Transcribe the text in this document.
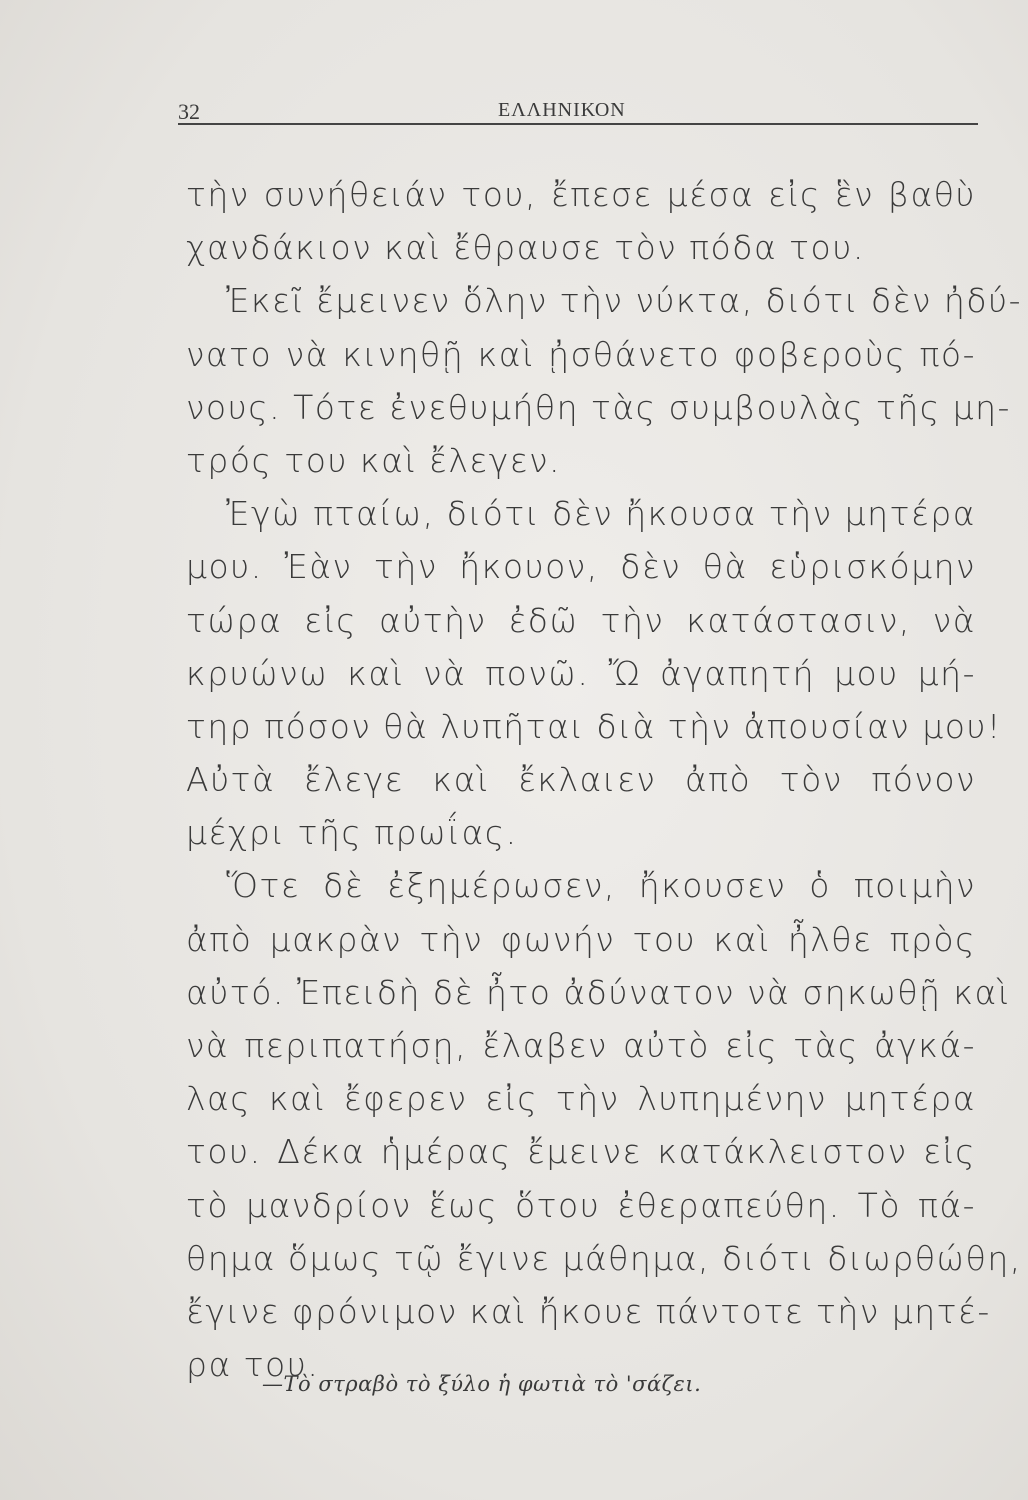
32	ΕΛΛΗΝΙΚΟΝ
τὴν συνήθειάν του, ἔπεσε μέσα εἰς ἓν βαθὺ
χανδάκιον καὶ ἔθραυσε τὸν πόδα του.
Ἐκεῖ ἔμεινεν ὅλην τὴν νύκτα, διότι δὲν ἠδύ-
νατο νὰ κινηθῇ καὶ ᾐσθάνετο φοβεροὺς πό-
νους. Τότε ἐνεθυμήθη τὰς συμβουλὰς τῆς μη-
τρός του καὶ ἔλεγεν.
Ἐγὼ πταίω, διότι δὲν ἤκουσα τὴν μητέρα
μου. Ἐὰν τὴν ἤκουον, δὲν θὰ εὑρισκόμην
τώρα εἰς αὐτὴν ἐδῶ τὴν κατάστασιν, νὰ
κρυώνω καὶ νὰ πονῶ. Ὤ ἀγαπητή μου μή-
τηρ πόσον θὰ λυπῆται διὰ τὴν ἀπουσίαν μου!
Αὐτὰ ἔλεγε καὶ ἔκλαιεν ἀπὸ τὸν πόνον
μέχρι τῆς πρωΐας.
Ὅτε δὲ ἐξημέρωσεν, ἤκουσεν ὁ ποιμὴν
ἀπὸ μακρὰν τὴν φωνήν του καὶ ἦλθε πρὸς
αὐτό. Ἐπειδὴ δὲ ἦτο ἀδύνατον νὰ σηκωθῇ καὶ
νὰ περιπατήσῃ, ἔλαβεν αὐτὸ εἰς τὰς ἀγκά-
λας καὶ ἔφερεν εἰς τὴν λυπημένην μητέρα
του. Δέκα ἡμέρας ἔμεινε κατάκλειστον εἰς
τὸ μανδρίον ἕως ὅτου ἐθεραπεύθη. Τὸ πά-
θημα ὅμως τῷ ἔγινε μάθημα, διότι διωρθώθη,
ἔγινε φρόνιμον καὶ ἤκουε πάντοτε τὴν μητέ-
ρα του.
—Τὸ στραβὸ τὸ ξύλο ἡ φωτιὰ τὸ 'σάζει.
